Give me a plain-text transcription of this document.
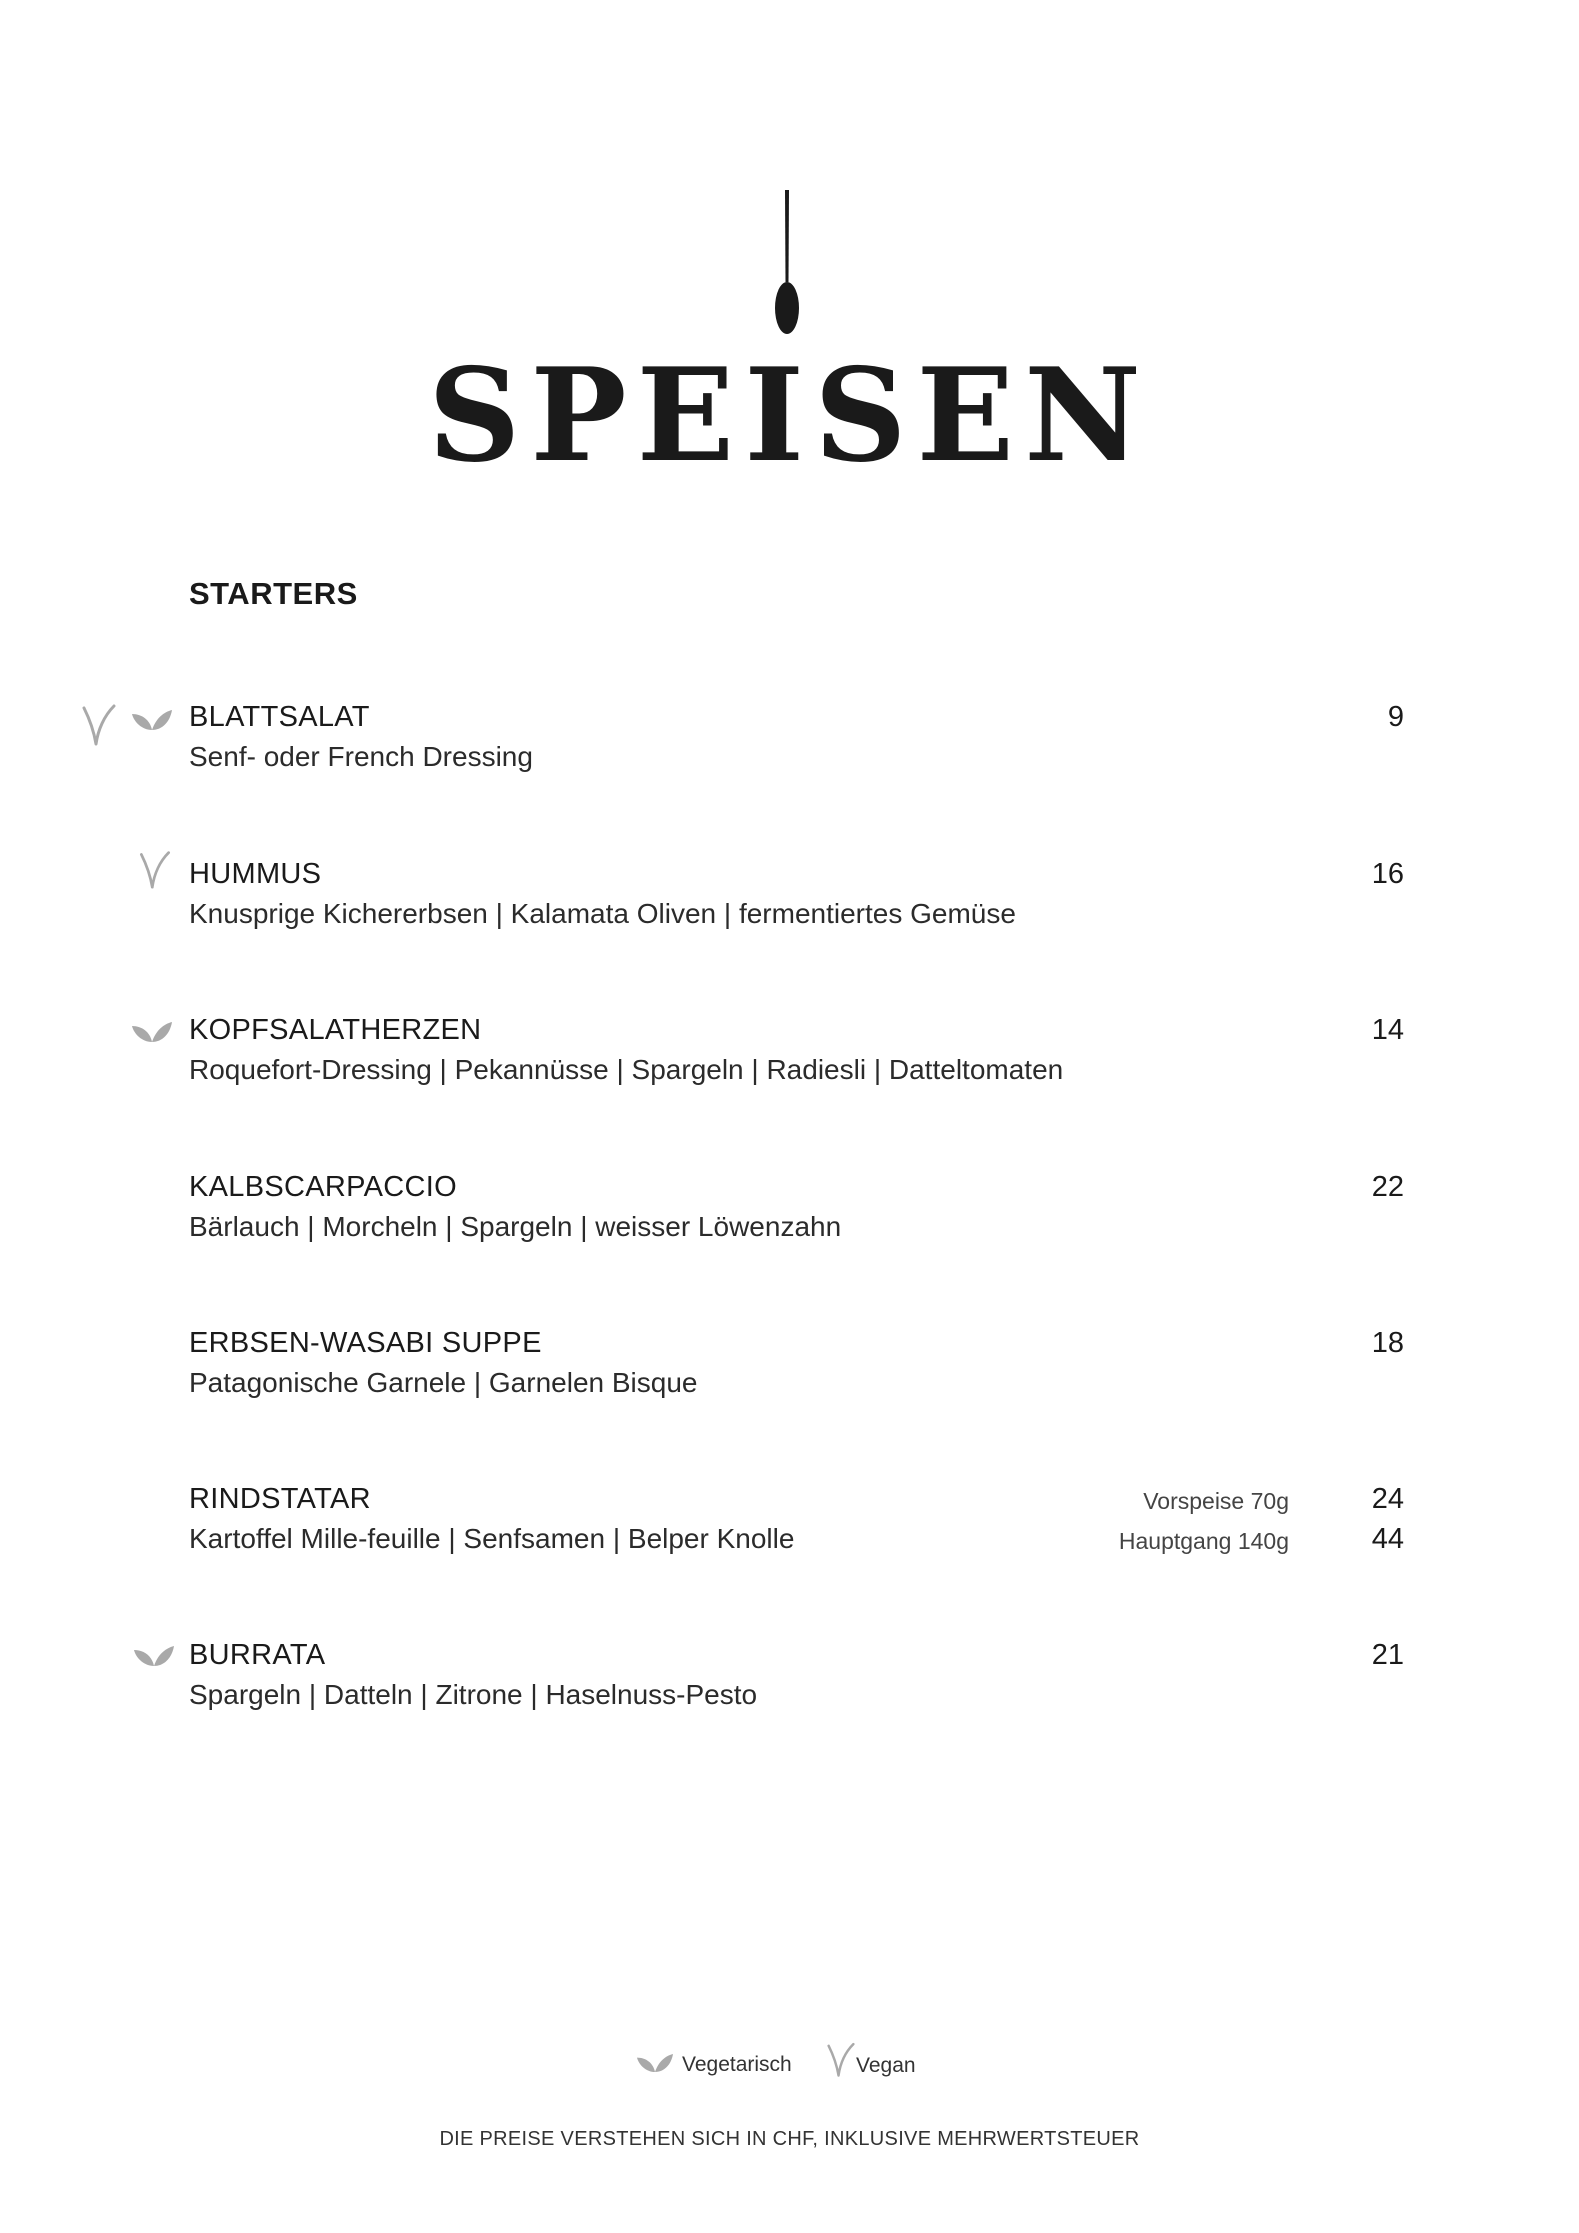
SPEISEN
STARTERS
BLATTSALAT
Senf- oder French Dressing
9
HUMMUS
Knusprige Kichererbsen | Kalamata Oliven | fermentiertes Gemüse
16
KOPFSALATHERZEN
Roquefort-Dressing | Pekannüsse | Spargeln | Radiesli | Datteltomaten
14
KALBSCARPACCIO
Bärlauch | Morcheln | Spargeln | weisser Löwenzahn
22
ERBSEN-WASABI SUPPE
Patagonische Garnele | Garnelen Bisque
18
RINDSTATAR
Kartoffel Mille-feuille | Senfsamen | Belper Knolle
Vorspeise 70g
Hauptgang 140g
24
44
BURRATA
Spargeln | Datteln | Zitrone | Haselnuss-Pesto
21
Vegetarisch	Vegan
DIE PREISE VERSTEHEN SICH IN CHF, INKLUSIVE MEHRWERTSTEUER
